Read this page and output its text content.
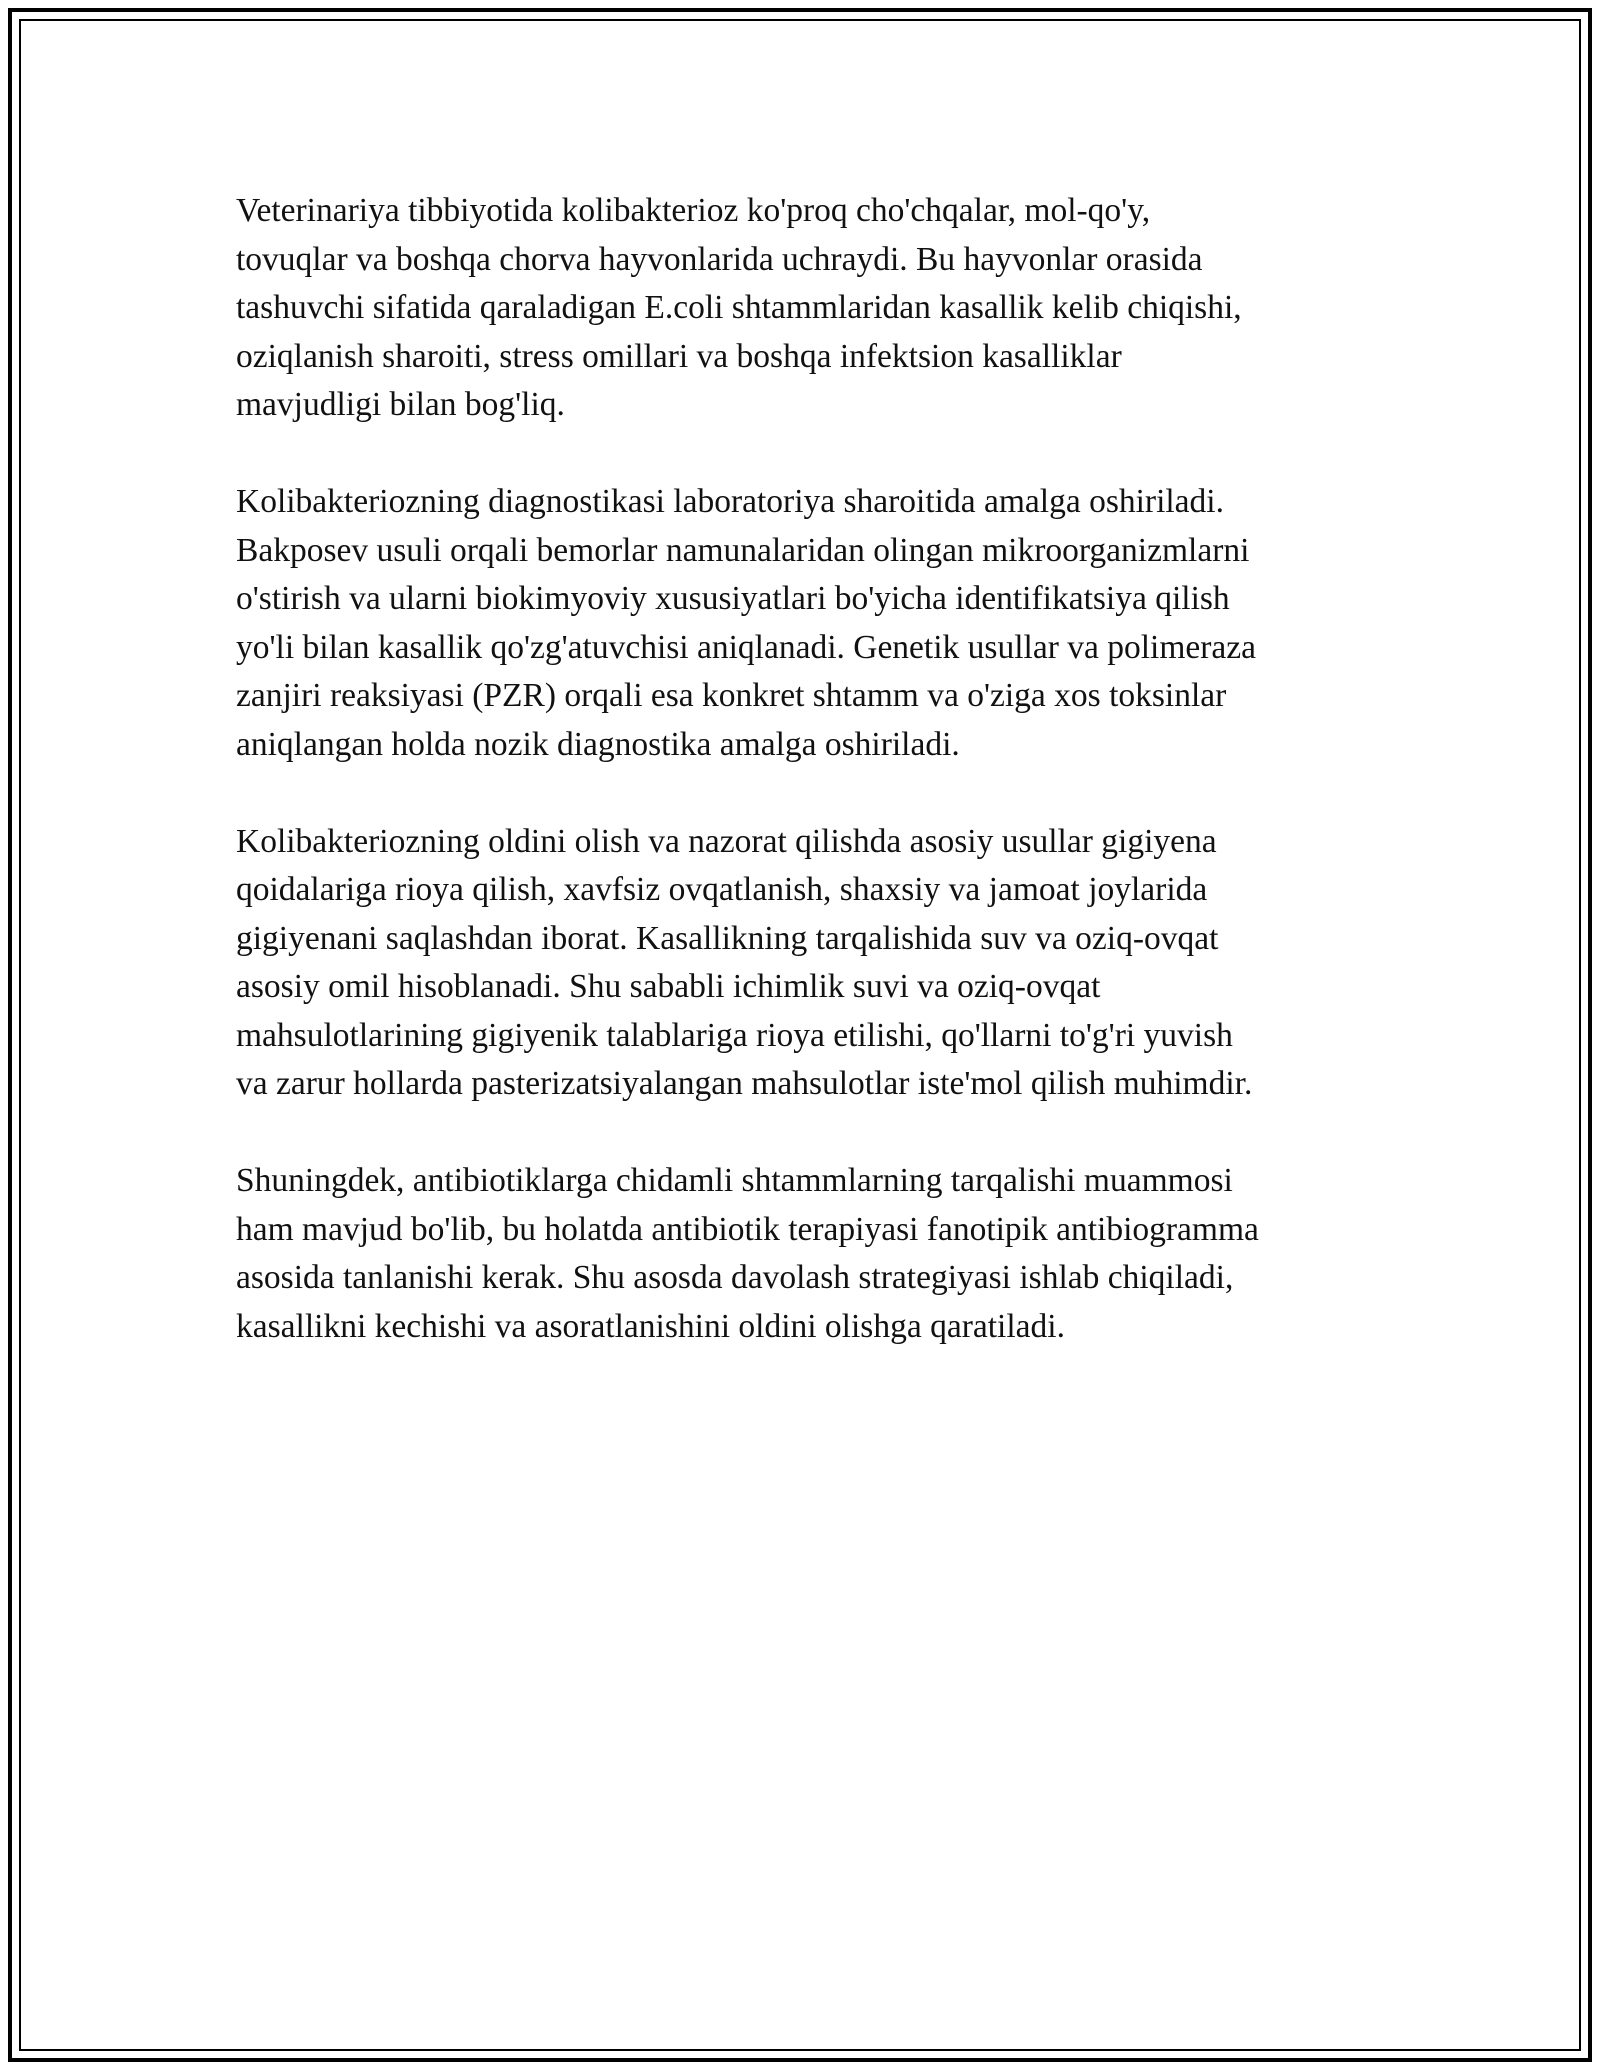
Veterinariya tibbiyotida kolibakterioz ko'proq cho'chqalar, mol-qo'y,
tovuqlar va boshqa chorva hayvonlarida uchraydi. Bu hayvonlar orasida
tashuvchi sifatida qaraladigan E.coli shtammlaridan kasallik kelib chiqishi,
oziqlanish sharoiti, stress omillari va boshqa infektsion kasalliklar
mavjudligi bilan bog'liq.

Kolibakteriozning diagnostikasi laboratoriya sharoitida amalga oshiriladi.
Bakposev usuli orqali bemorlar namunalaridan olingan mikroorganizmlarni
o'stirish va ularni biokimyoviy xususiyatlari bo'yicha identifikatsiya qilish
yo'li bilan kasallik qo'zg'atuvchisi aniqlanadi. Genetik usullar va polimeraza
zanjiri reaksiyasi (PZR) orqali esa konkret shtamm va o'ziga xos toksinlar
aniqlangan holda nozik diagnostika amalga oshiriladi.

Kolibakteriozning oldini olish va nazorat qilishda asosiy usullar gigiyena
qoidalariga rioya qilish, xavfsiz ovqatlanish, shaxsiy va jamoat joylarida
gigiyenani saqlashdan iborat. Kasallikning tarqalishida suv va oziq-ovqat
asosiy omil hisoblanadi. Shu sababli ichimlik suvi va oziq-ovqat
mahsulotlarining gigiyenik talablariga rioya etilishi, qo'llarni to'g'ri yuvish
va zarur hollarda pasterizatsiyalangan mahsulotlar iste'mol qilish muhimdir.

Shuningdek, antibiotiklarga chidamli shtammlarning tarqalishi muammosi
ham mavjud bo'lib, bu holatda antibiotik terapiyasi fanotipik antibiogramma
asosida tanlanishi kerak. Shu asosda davolash strategiyasi ishlab chiqiladi,
kasallikni kechishi va asoratlanishini oldini olishga qaratiladi.
